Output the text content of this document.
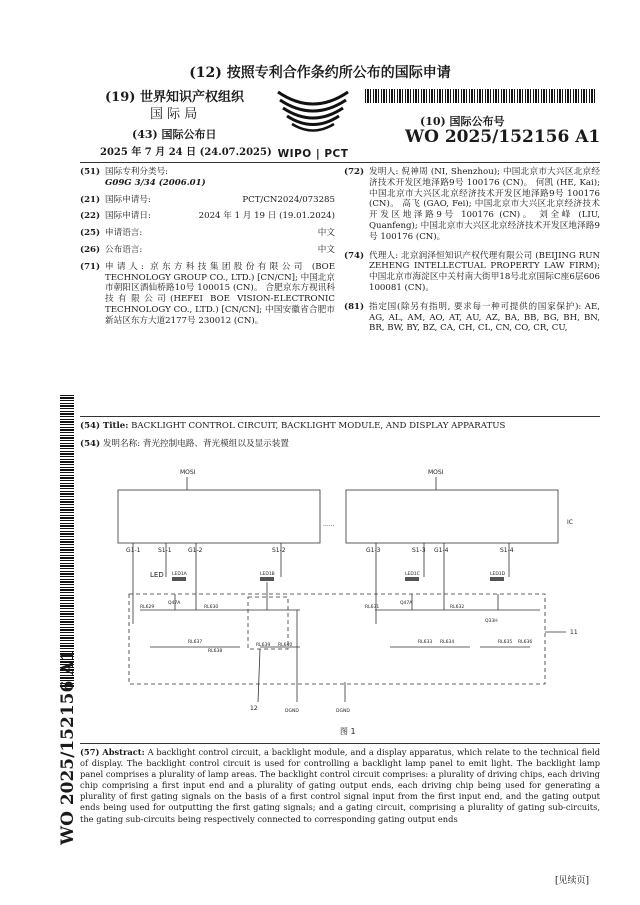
(12) 按照专利合作条约所公布的国际申请
(19) 世界知识产权组织
国 际 局
(43) 国际公布日
2025 年 7 月 24 日 (24.07.2025) WIPO | PCT
(10) 国际公布号
WO 2025/152156 A1
(51) 国际专利分类号:
G09G 3/34 (2006.01)
(21) 国际申请号:	PCT/CN2024/073285
(22) 国际申请日:	2024 年 1 月 19 日 (19.01.2024)
(25) 申请语言:	中文
(26) 公布语言:	中文
(71) 申请人: 京东方科技集团股份有限公司 (BOE TECHNOLOGY GROUP CO., LTD.) [CN/CN]; 中国北京市朝阳区酒仙桥路10号 100015 (CN)。 合肥京东方视讯科技有限公司(HEFEI BOE VISION-ELECTRONIC TECHNOLOGY CO., LTD.) [CN/CN]; 中国安徽省合肥市新站区东方大道2177号 230012 (CN)。
(72) 发明人: 倪神周 (NI, Shenzhou); 中国北京市大兴区北京经济技术开发区地泽路9号 100176 (CN)。 何凯 (HE, Kai); 中国北京市大兴区北京经济技术开发区地泽路9号 100176 (CN)。 高飞 (GAO, Fei); 中国北京市大兴区北京经济技术开发区地泽路9号 100176 (CN)。 刘全峰 (LIU, Quanfeng); 中国北京市大兴区北京经济技术开发区地泽路9号 100176 (CN)。
(74) 代理人: 北京润泽恒知识产权代理有限公司 (BEIJING RUN ZEHENG INTELLECTUAL PROPERTY LAW FIRM); 中国北京市海淀区中关村南大街甲18号北京国际C座6层606 100081 (CN)。
(81) 指定国(除另有指明, 要求每一种可提供的国家保护): AE, AG, AL, AM, AO, AT, AU, AZ, BA, BB, BG, BH, BN, BR, BW, BY, BZ, CA, CH, CL, CN, CO, CR, CU,
WO 2025/152156 A1
(54) Title: BACKLIGHT CONTROL CIRCUIT, BACKLIGHT MODULE, AND DISPLAY APPARATUS
(54) 发明名称: 背光控制电路、背光模组以及显示装置
MOSI	MOSI
......	IC
G1-1	S1-1	G1-2	S1-2	G1-3	S1-3 G1-4	S1-4
LED LED1A	LED1B	LED1C	LED1D
Q47A	Q47A
Q33H
RL629	RL630
RL637
RL638
RL639 RL640
RL631	RL632
RL633 RL634	RL635 RL636
11
12	DGND	DGND
图 1
(57) Abstract: A backlight control circuit, a backlight module, and a display apparatus, which relate to the technical field of display. The backlight control circuit is used for controlling a backlight lamp panel to emit light. The backlight lamp panel comprises a plurality of lamp areas. The backlight control circuit comprises: a plurality of driving chips, each driving chip comprising a first input end and a plurality of gating output ends, each driving chip being used for generating a plurality of first gating signals on the basis of a first control signal input from the first input end, and the gating output ends being used for outputting the first gating signals; and a gating circuit, comprising a plurality of gating sub-circuits, the gating sub-circuits being respectively connected to corresponding gating output ends
[见续页]
